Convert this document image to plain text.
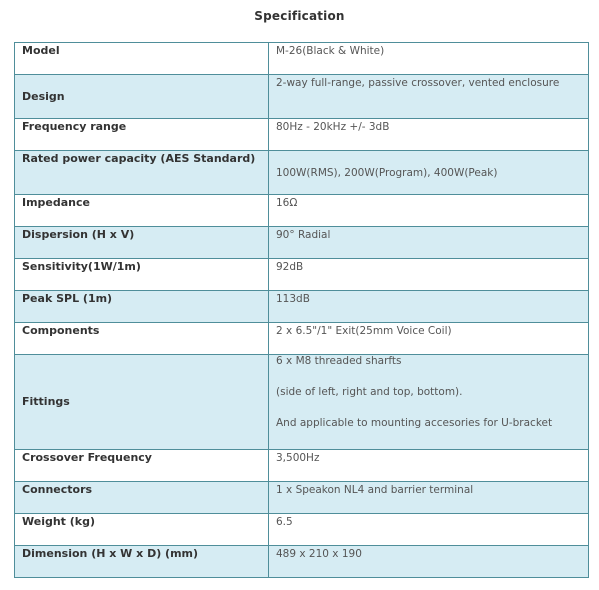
Specification
Model	M-26(Black & White)
Design	2-way full-range, passive crossover, vented enclosure
Frequency range	80Hz - 20kHz +/- 3dB
Rated power capacity (AES Standard)	100W(RMS), 200W(Program), 400W(Peak)
Impedance	16Ω
Dispersion (H x V)	90° Radial
Sensitivity(1W/1m)	92dB
Peak SPL (1m)	113dB
Components	2 x 6.5"/1" Exit(25mm Voice Coil)
Fittings	6 x M8 threaded sharfts
(side of left, right and top, bottom).
And applicable to mounting accesories for U-bracket

Crossover Frequency	3,500Hz
Connectors	1 x Speakon NL4 and barrier terminal
Weight (kg)	6.5
Dimension (H x W x D) (mm)	489 x 210 x 190
